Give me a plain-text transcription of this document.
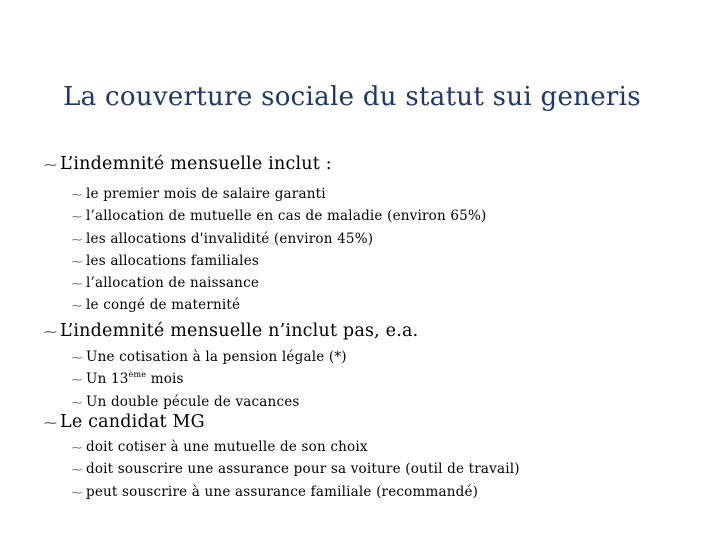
La couverture sociale du statut sui generis
⁓ L’indemnité mensuelle inclut :
⁓ le premier mois de salaire garanti
⁓ l’allocation de mutuelle en cas de maladie (environ 65%)
⁓ les allocations d'invalidité (environ 45%)
⁓ les allocations familiales
⁓ l’allocation de naissance
⁓ le congé de maternité
⁓ L’indemnité mensuelle n’inclut pas, e.a.
⁓ Une cotisation à la pension légale (*)
⁓ Un 13ème mois
⁓ Un double pécule de vacances
⁓ Le candidat MG
⁓ doit cotiser à une mutuelle de son choix
⁓ doit souscrire une assurance pour sa voiture (outil de travail)
⁓ peut souscrire à une assurance familiale (recommandé)
